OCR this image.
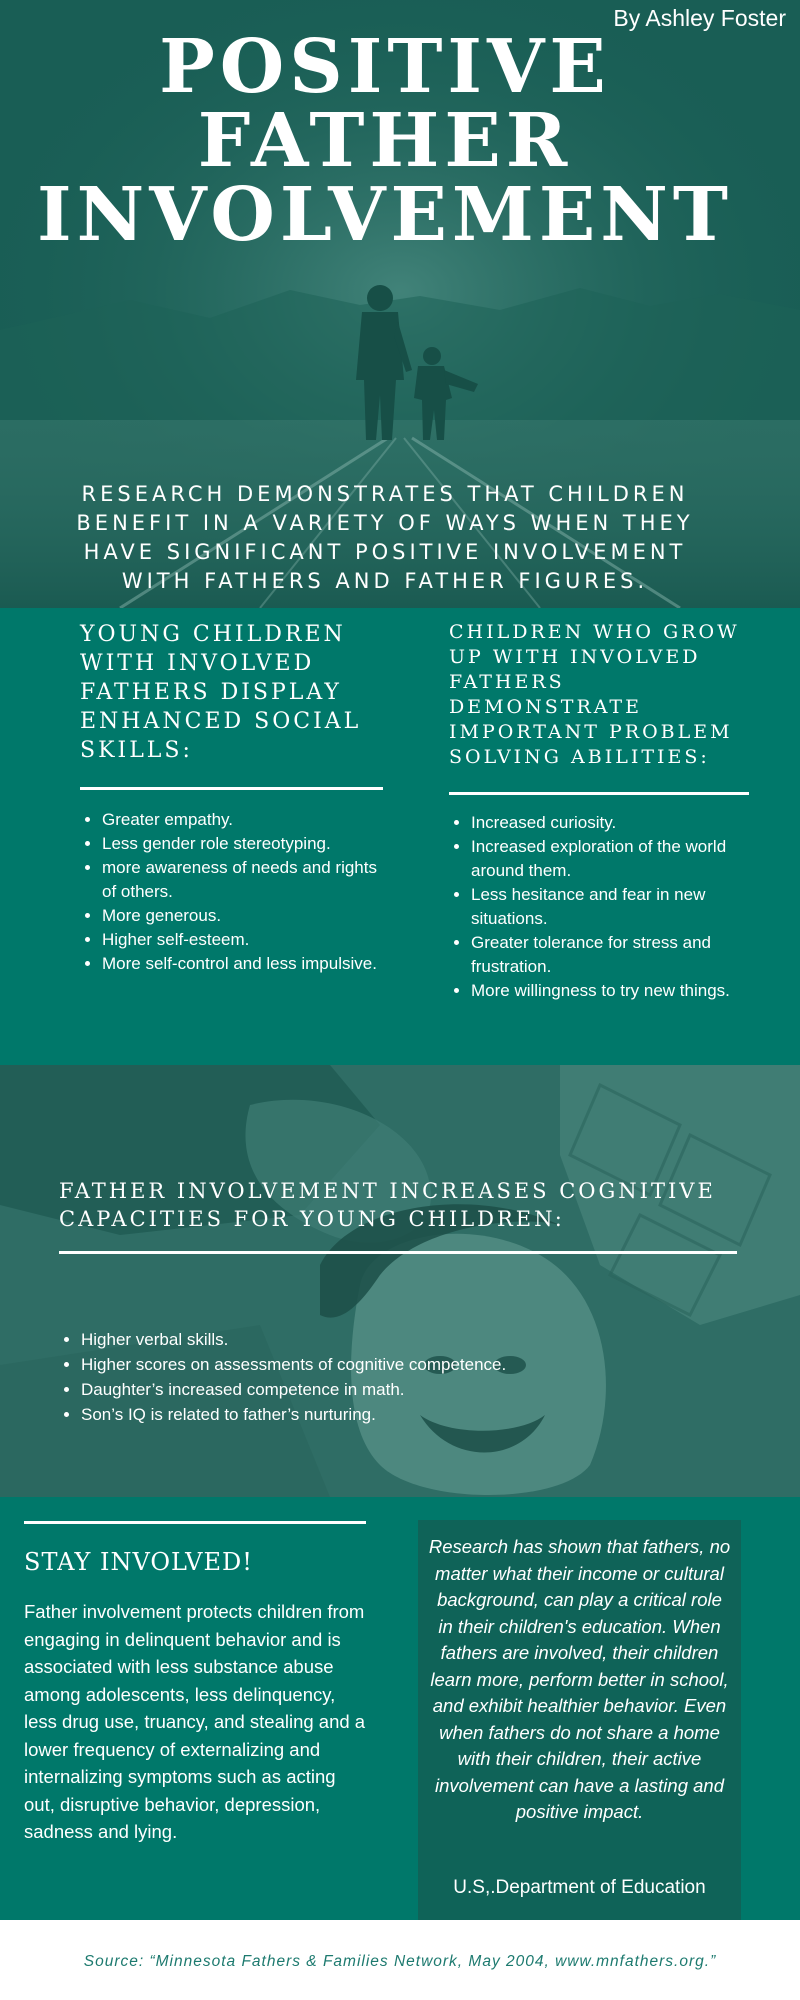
By Ashley Foster
POSITIVE
FATHER
INVOLVEMENT

RESEARCH DEMONSTRATES THAT CHILDREN BENEFIT IN A VARIETY OF WAYS WHEN THEY HAVE SIGNIFICANT POSITIVE INVOLVEMENT WITH FATHERS AND FATHER FIGURES.

YOUNG CHILDREN WITH INVOLVED FATHERS DISPLAY ENHANCED SOCIAL SKILLS:
• Greater empathy.
• Less gender role stereotyping.
• more awareness of needs and rights of others.
• More generous.
• Higher self-esteem.
• More self-control and less impulsive.
CHILDREN WHO GROW UP WITH INVOLVED FATHERS DEMONSTRATE IMPORTANT PROBLEM SOLVING ABILITIES:
• Increased curiosity.
• Increased exploration of the world around them.
• Less hesitance and fear in new situations.
• Greater tolerance for stress and frustration.
• More willingness to try new things.
FATHER INVOLVEMENT INCREASES COGNITIVE CAPACITIES FOR YOUNG CHILDREN:
• Higher verbal skills.
• Higher scores on assessments of cognitive competence.
• Daughter’s increased competence in math.
• Son’s IQ is related to father’s nurturing.
STAY INVOLVED!

Father involvement protects children from engaging in delinquent behavior and is associated with less substance abuse among adolescents, less delinquency, less drug use, truancy, and stealing and a lower frequency of externalizing and internalizing symptoms such as acting out, disruptive behavior, depression, sadness and lying.

Research has shown that fathers, no matter what their income or cultural background, can play a critical role in their children's education. When fathers are involved, their children learn more, perform better in school, and exhibit healthier behavior. Even when fathers do not share a home with their children, their active involvement can have a lasting and positive impact.

U.S,.Department of Education
Source: “Minnesota Fathers & Families Network, May 2004, www.mnfathers.org.”
